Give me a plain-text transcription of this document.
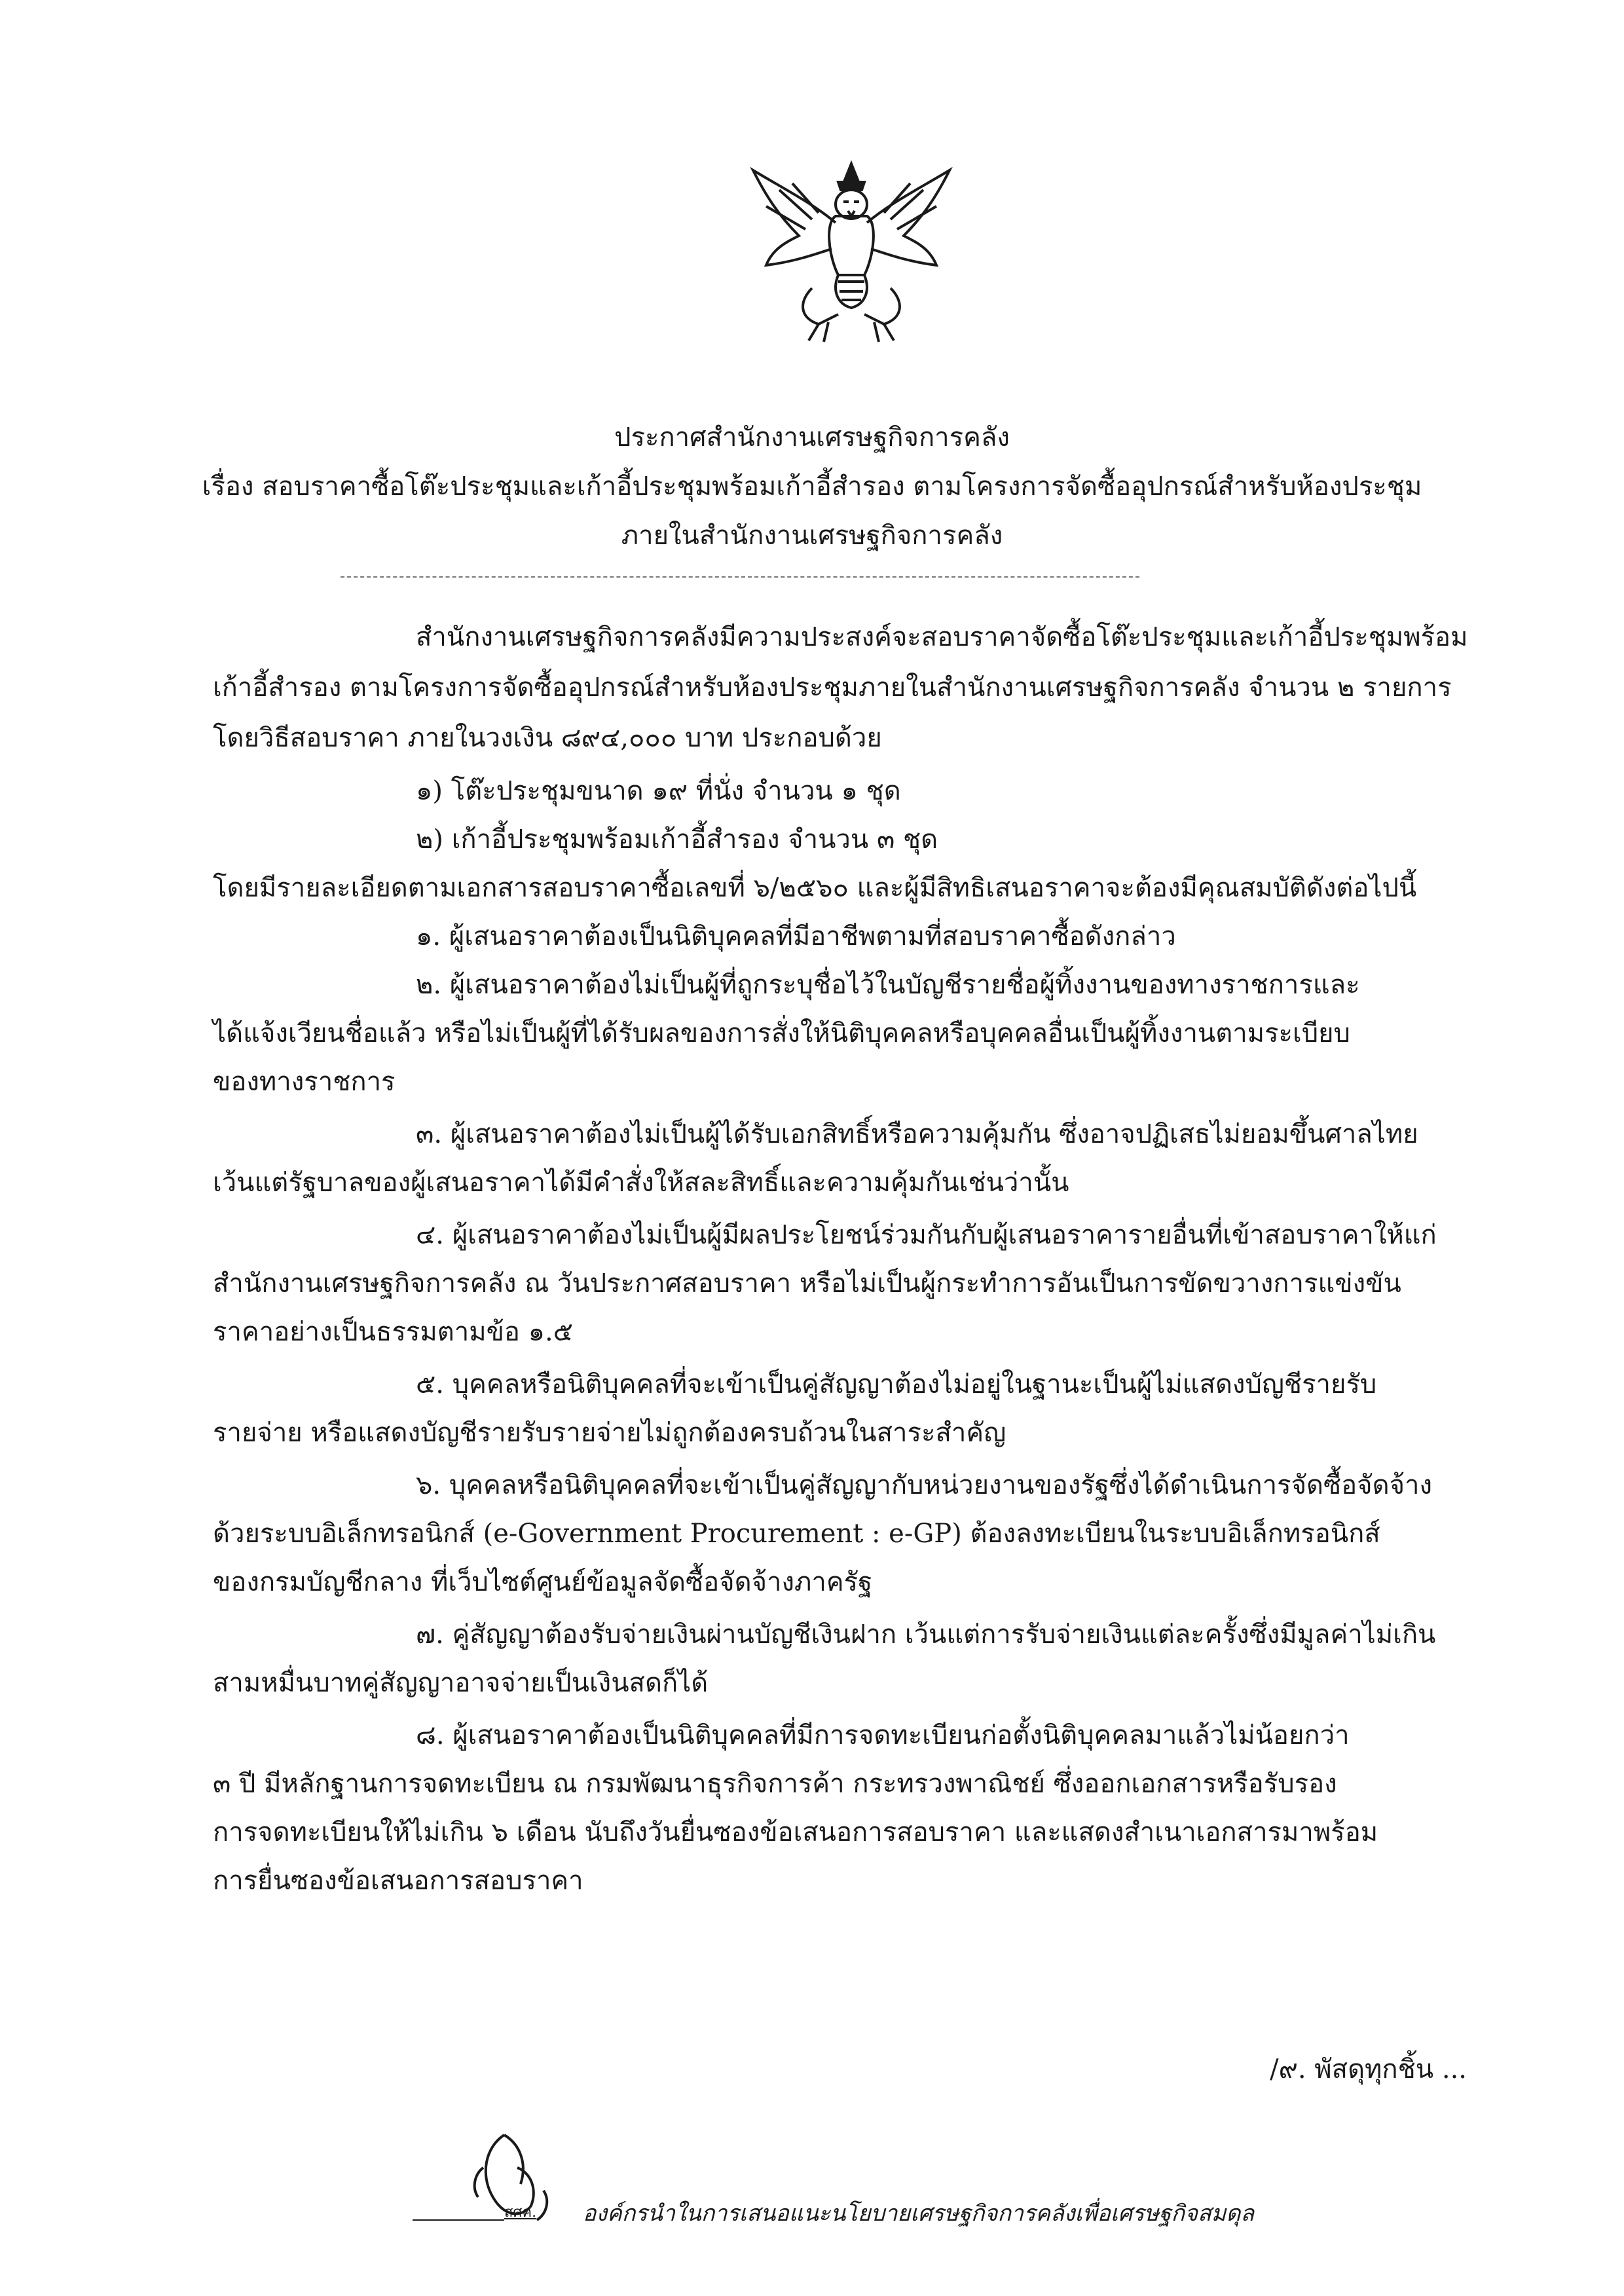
ประกาศสำนักงานเศรษฐกิจการคลัง
เรื่อง สอบราคาซื้อโต๊ะประชุมและเก้าอี้ประชุมพร้อมเก้าอี้สำรอง ตามโครงการจัดซื้ออุปกรณ์สำหรับห้องประชุม
ภายในสำนักงานเศรษฐกิจการคลัง
สำนักงานเศรษฐกิจการคลังมีความประสงค์จะสอบราคาจัดซื้อโต๊ะประชุมและเก้าอี้ประชุมพร้อม
เก้าอี้สำรอง ตามโครงการจัดซื้ออุปกรณ์สำหรับห้องประชุมภายในสำนักงานเศรษฐกิจการคลัง จำนวน ๒ รายการ
โดยวิธีสอบราคา ภายในวงเงิน ๘๙๔,๐๐๐ บาท ประกอบด้วย
๑) โต๊ะประชุมขนาด ๑๙ ที่นั่ง จำนวน ๑ ชุด
๒) เก้าอี้ประชุมพร้อมเก้าอี้สำรอง จำนวน ๓ ชุด
โดยมีรายละเอียดตามเอกสารสอบราคาซื้อเลขที่ ๖/๒๕๖๐ และผู้มีสิทธิเสนอราคาจะต้องมีคุณสมบัติดังต่อไปนี้
๑. ผู้เสนอราคาต้องเป็นนิติบุคคลที่มีอาชีพตามที่สอบราคาซื้อดังกล่าว
๒. ผู้เสนอราคาต้องไม่เป็นผู้ที่ถูกระบุชื่อไว้ในบัญชีรายชื่อผู้ทิ้งงานของทางราชการและ
ได้แจ้งเวียนชื่อแล้ว หรือไม่เป็นผู้ที่ได้รับผลของการสั่งให้นิติบุคคลหรือบุคคลอื่นเป็นผู้ทิ้งงานตามระเบียบ
ของทางราชการ
๓. ผู้เสนอราคาต้องไม่เป็นผู้ได้รับเอกสิทธิ์หรือความคุ้มกัน ซึ่งอาจปฏิเสธไม่ยอมขึ้นศาลไทย
เว้นแต่รัฐบาลของผู้เสนอราคาได้มีคำสั่งให้สละสิทธิ์และความคุ้มกันเช่นว่านั้น
๔. ผู้เสนอราคาต้องไม่เป็นผู้มีผลประโยชน์ร่วมกันกับผู้เสนอราคารายอื่นที่เข้าสอบราคาให้แก่
สำนักงานเศรษฐกิจการคลัง ณ วันประกาศสอบราคา หรือไม่เป็นผู้กระทำการอันเป็นการขัดขวางการแข่งขัน
ราคาอย่างเป็นธรรมตามข้อ ๑.๕
๕. บุคคลหรือนิติบุคคลที่จะเข้าเป็นคู่สัญญาต้องไม่อยู่ในฐานะเป็นผู้ไม่แสดงบัญชีรายรับ
รายจ่าย หรือแสดงบัญชีรายรับรายจ่ายไม่ถูกต้องครบถ้วนในสาระสำคัญ
๖. บุคคลหรือนิติบุคคลที่จะเข้าเป็นคู่สัญญากับหน่วยงานของรัฐซึ่งได้ดำเนินการจัดซื้อจัดจ้าง
ด้วยระบบอิเล็กทรอนิกส์ (e-Government Procurement : e-GP) ต้องลงทะเบียนในระบบอิเล็กทรอนิกส์
ของกรมบัญชีกลาง ที่เว็บไซต์ศูนย์ข้อมูลจัดซื้อจัดจ้างภาครัฐ
๗. คู่สัญญาต้องรับจ่ายเงินผ่านบัญชีเงินฝาก เว้นแต่การรับจ่ายเงินแต่ละครั้งซึ่งมีมูลค่าไม่เกิน
สามหมื่นบาทคู่สัญญาอาจจ่ายเป็นเงินสดก็ได้
๘. ผู้เสนอราคาต้องเป็นนิติบุคคลที่มีการจดทะเบียนก่อตั้งนิติบุคคลมาแล้วไม่น้อยกว่า
๓ ปี มีหลักฐานการจดทะเบียน ณ กรมพัฒนาธุรกิจการค้า กระทรวงพาณิชย์ ซึ่งออกเอกสารหรือรับรอง
การจดทะเบียนให้ไม่เกิน ๖ เดือน นับถึงวันยื่นซองข้อเสนอการสอบราคา และแสดงสำเนาเอกสารมาพร้อม
การยื่นซองข้อเสนอการสอบราคา
/๙. พัสดุทุกชิ้น ...
สศค. องค์กรนำในการเสนอแนะนโยบายเศรษฐกิจการคลังเพื่อเศรษฐกิจสมดุล
